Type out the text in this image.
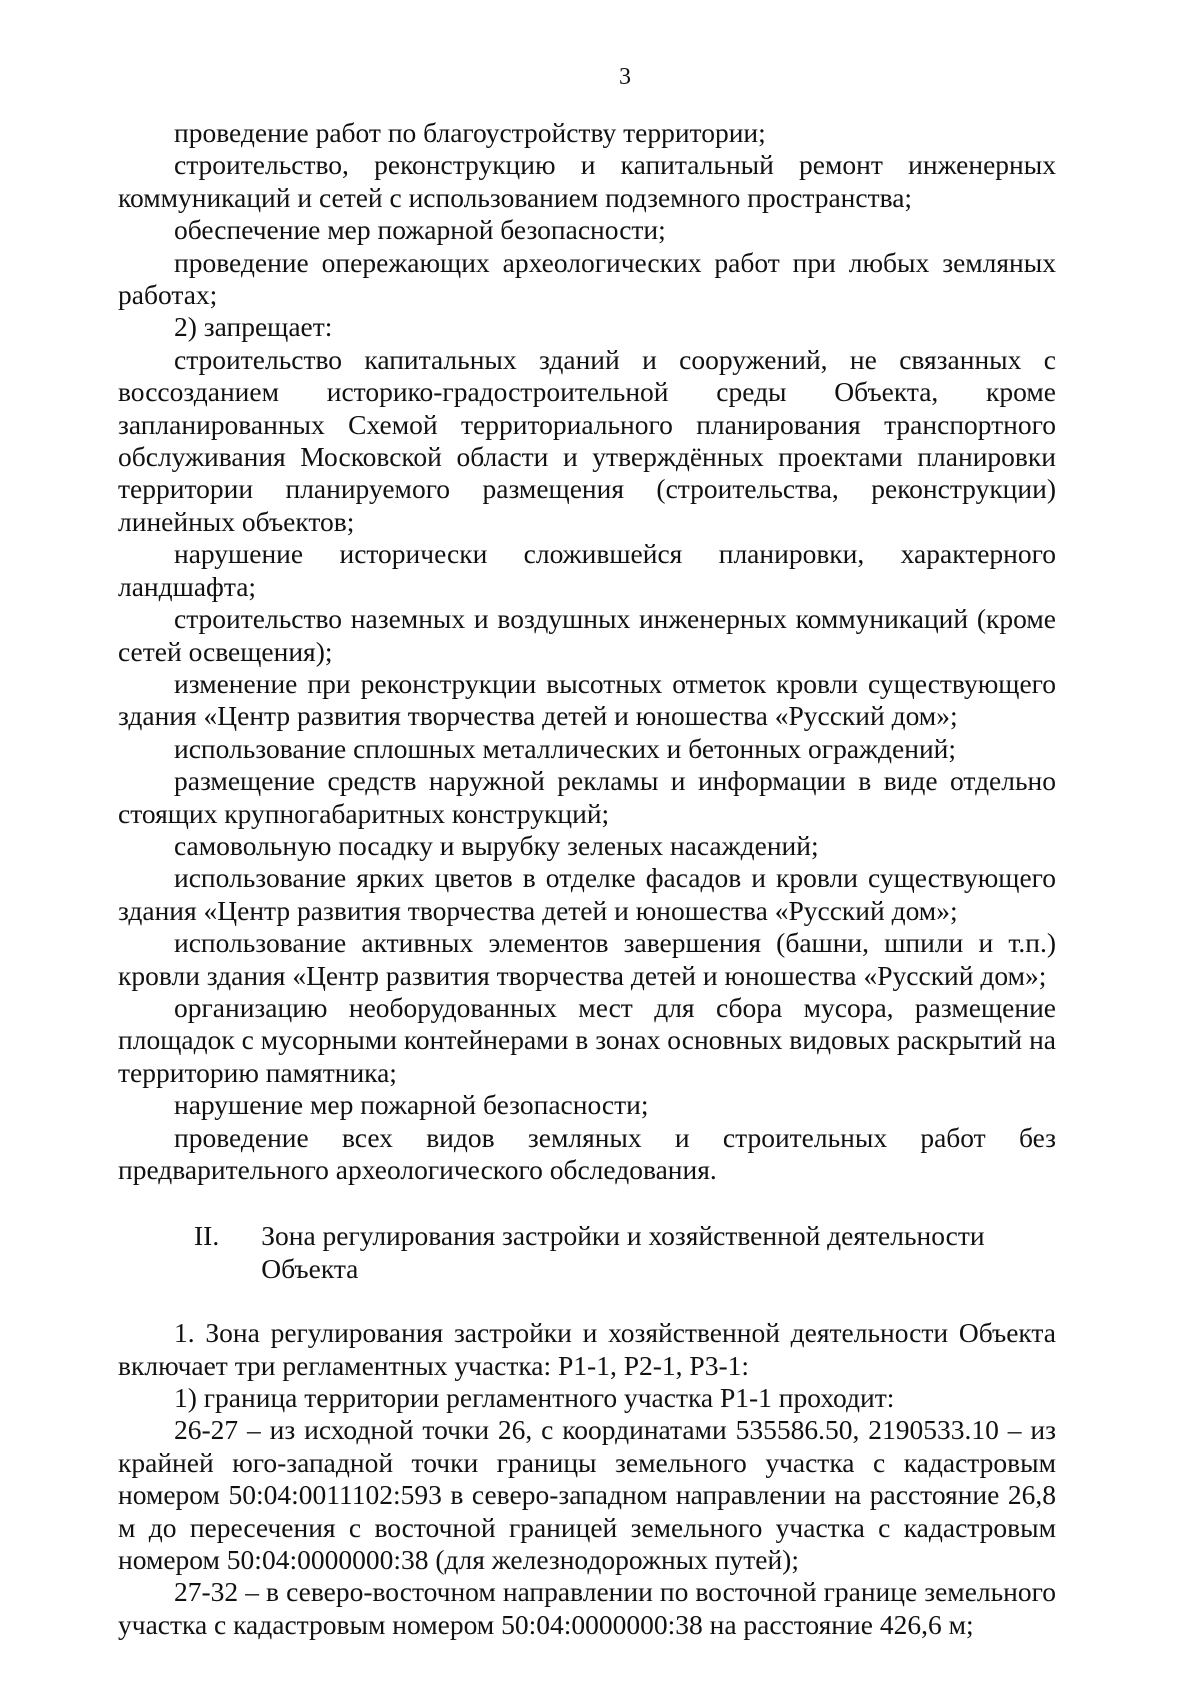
3

проведение работ по благоустройству территории;

строительство, реконструкцию и капитальный ремонт инженерных коммуникаций и сетей с использованием подземного пространства;

обеспечение мер пожарной безопасности;

проведение опережающих археологических работ при любых земляных работах;

2) запрещает:

строительство капитальных зданий и сооружений, не связанных с воссозданием историко-градостроительной среды Объекта, кроме запланированных Схемой территориального планирования транспортного обслуживания Московской области и утверждённых проектами планировки территории планируемого размещения (строительства, реконструкции) линейных объектов;

нарушение исторически сложившейся планировки, характерного ландшафта;

строительство наземных и воздушных инженерных коммуникаций (кроме сетей освещения);

изменение при реконструкции высотных отметок кровли существующего здания «Центр развития творчества детей и юношества «Русский дом»;

использование сплошных металлических и бетонных ограждений;

размещение средств наружной рекламы и информации в виде отдельно стоящих крупногабаритных конструкций;

самовольную посадку и вырубку зеленых насаждений;

использование ярких цветов в отделке фасадов и кровли существующего здания «Центр развития творчества детей и юношества «Русский дом»;

использование активных элементов завершения (башни, шпили и т.п.) кровли здания «Центр развития творчества детей и юношества «Русский дом»;

организацию необорудованных мест для сбора мусора, размещение площадок с мусорными контейнерами в зонах основных видовых раскрытий на территорию памятника;

нарушение мер пожарной безопасности;

проведение всех видов земляных и строительных работ без предварительного археологического обследования.

II.	Зона регулирования застройки и хозяйственной деятельности Объекта

1. Зона регулирования застройки и хозяйственной деятельности Объекта включает три регламентных участка: Р1-1, Р2-1, Р3-1:

1) граница территории регламентного участка Р1-1 проходит:

26-27 – из исходной точки 26, с координатами 535586.50, 2190533.10 – из крайней юго-западной точки границы земельного участка с кадастровым номером 50:04:0011102:593 в северо-западном направлении на расстояние 26,8 м до пересечения с восточной границей земельного участка с кадастровым номером 50:04:0000000:38 (для железнодорожных путей);

27-32 – в северо-восточном направлении по восточной границе земельного участка с кадастровым номером 50:04:0000000:38 на расстояние 426,6 м;
